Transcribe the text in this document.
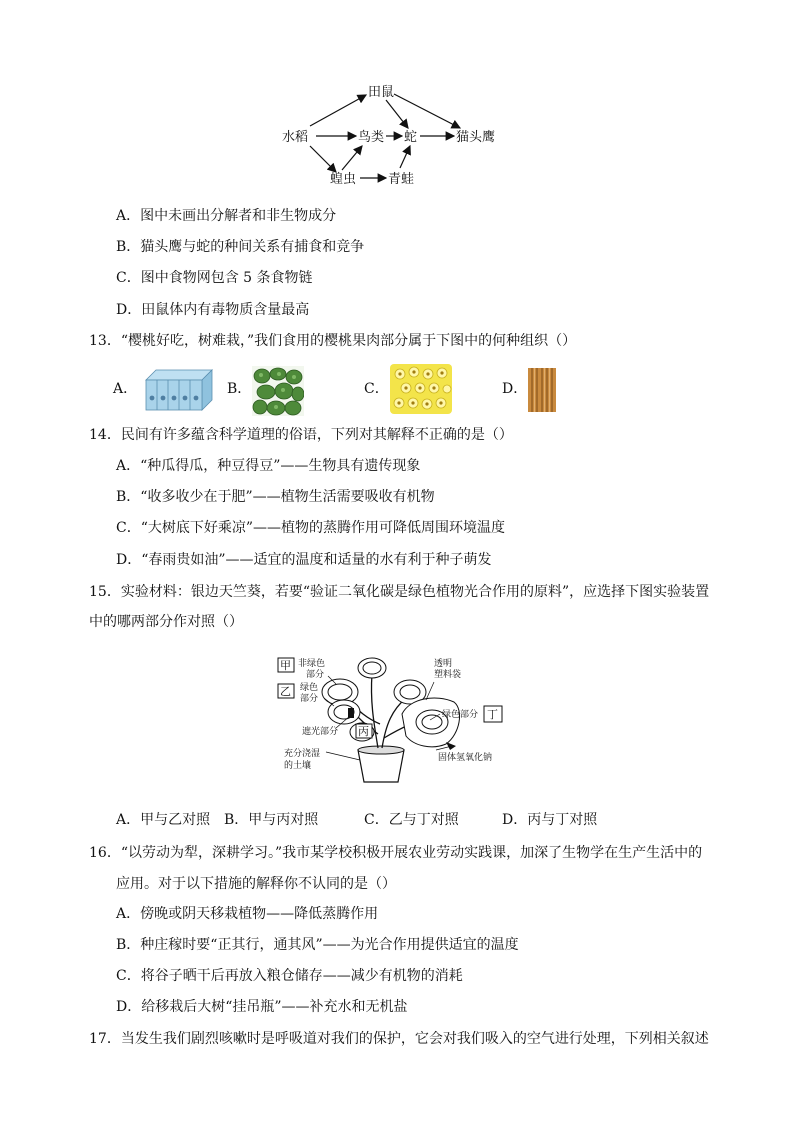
田鼠
水稻	鸟类 蛇	猫头鹰
蝗虫 青蛙
A．图中未画出分解者和非生物成分
B．猫头鹰与蛇的种间关系有捕食和竞争
C．图中食物网包含 5 条食物链
D．田鼠体内有毒物质含量最高
13．“樱桃好吃，树难栽，”我们食用的樱桃果肉部分属于下图中的何种组织（）
A．	B．	C．	D．
14．民间有许多蕴含科学道理的俗语，下列对其解释不正确的是（）
A．“种瓜得瓜，种豆得豆”——生物具有遗传现象
B．“收多收少在于肥”——植物生活需要吸收有机物
C．“大树底下好乘凉”——植物的蒸腾作用可降低周围环境温度
D．“春雨贵如油”——适宜的温度和适量的水有利于种子萌发
15．实验材料：银边天竺葵，若要“验证二氧化碳是绿色植物光合作用的原料”，应选择下图实验装置
中的哪两部分作对照（）
甲
乙
丙
丁
非绿色
部分
绿色
部分
遮光部分
透明
塑料袋
绿色部分
充分浇湿
的土壤
固体氢氧化钠
A．甲与乙对照 B．甲与丙对照	C．乙与丁对照	D．丙与丁对照
16．“以劳动为犁，深耕学习。”我市某学校积极开展农业劳动实践课，加深了生物学在生产生活中的
应用。对于以下措施的解释你不认同的是（）
A．傍晚或阴天移栽植物——降低蒸腾作用
B．种庄稼时要“正其行，通其风”——为光合作用提供适宜的温度
C．将谷子晒干后再放入粮仓储存——减少有机物的消耗
D．给移栽后大树“挂吊瓶”——补充水和无机盐
17．当发生我们剧烈咳嗽时是呼吸道对我们的保护，它会对我们吸入的空气进行处理，下列相关叙述
